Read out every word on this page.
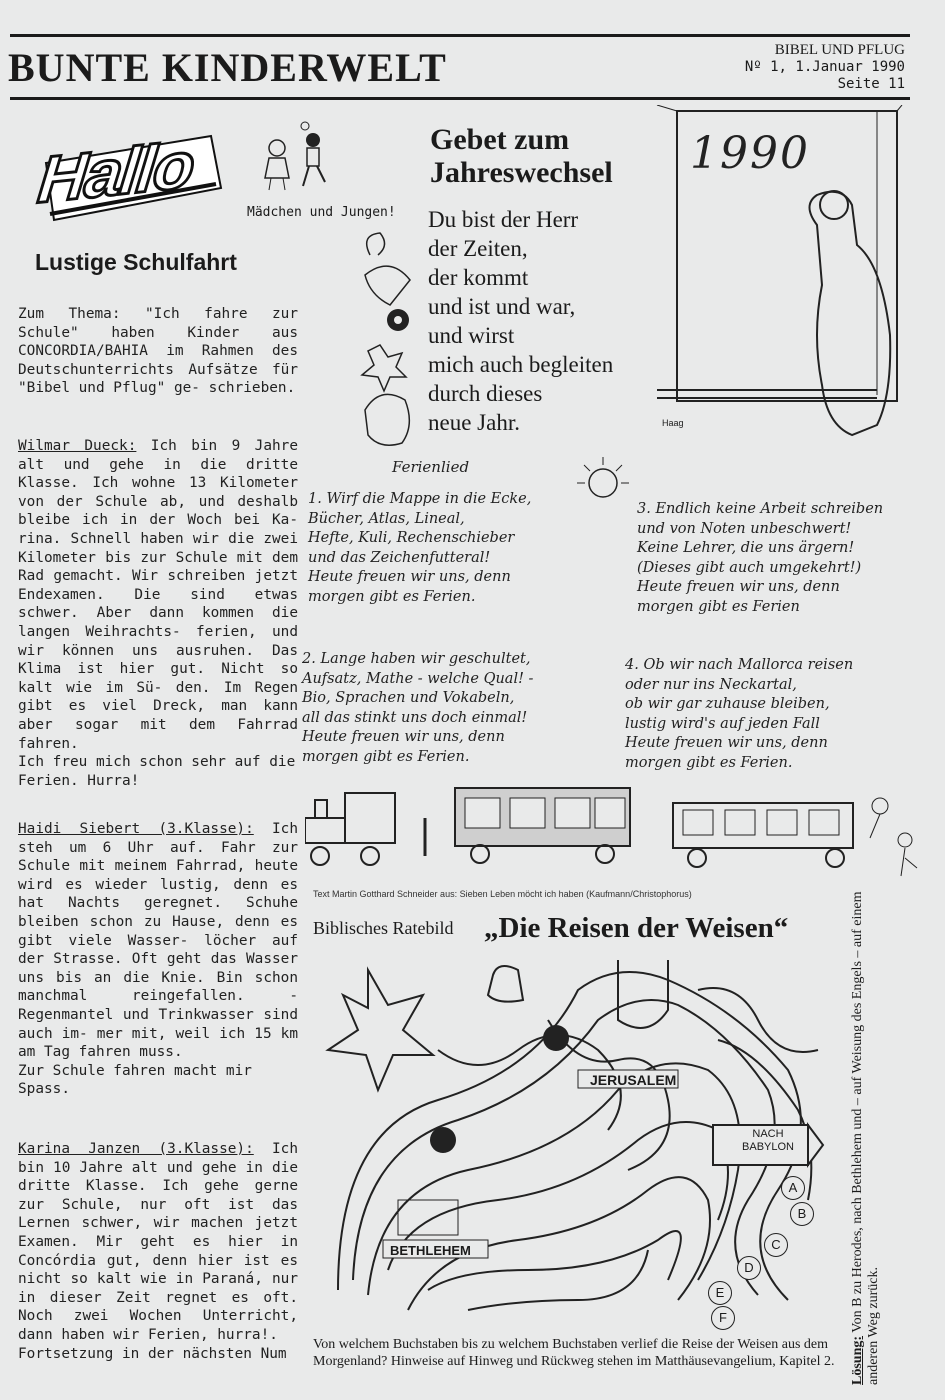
BUNTE KINDERWELT	BIBEL UND PFLUG
Nº 1, 1.Januar 1990
Seite 11
Hallo	Mädchen und Jungen!
Lustige Schulfahrt

Zum Thema: "Ich fahre zur Schule" haben Kinder aus CONCORDIA/BAHIA im Rahmen des Deutschunterrichts Aufsätze für "Bibel und Pflug" ge- schrieben.

Wilmar Dueck: Ich bin 9 Jahre alt und gehe in die dritte Klasse. Ich wohne 13 Kilometer von der Schule ab, und deshalb bleibe ich in der Woch bei Ka- rina. Schnell haben wir die zwei Kilometer bis zur Schule mit dem Rad gemacht. Wir schreiben jetzt Endexamen. Die sind etwas schwer. Aber dann kommen die langen Weihrachts- ferien, und wir können uns ausruhen. Das Klima ist hier gut. Nicht so kalt wie im Sü- den. Im Regen gibt es viel Dreck, man kann aber sogar mit dem Fahrrad fahren.

Ich freu mich schon sehr auf die Ferien. Hurra!

Haidi Siebert (3.Klasse): Ich steh um 6 Uhr auf. Fahr zur Schule mit meinem Fahrrad, heute wird es wieder lustig, denn es hat Nachts geregnet. Schuhe bleiben schon zu Hause, denn es gibt viele Wasser- löcher auf der Strasse. Oft geht das Wasser uns bis an die Knie. Bin schon manchmal reingefallen. - Regenmantel und Trinkwasser sind auch im- mer mit, weil ich 15 km am Tag fahren muss.

Zur Schule fahren macht mir Spass.

Karina Janzen (3.Klasse): Ich bin 10 Jahre alt und gehe in die dritte Klasse. Ich gehe gerne zur Schule, nur oft ist das Lernen schwer, wir machen jetzt Examen. Mir geht es hier in Concórdia gut, denn hier ist es nicht so kalt wie in Paraná, nur in dieser Zeit regnet es oft. Noch zwei Wochen Unterricht, dann haben wir Ferien, hurra!.

Fortsetzung in der nächsten Num

Gebet zum
Jahreswechsel
Du bist der Herr
der Zeiten,
der kommt
und ist und war,
und wirst
mich auch begleiten
durch dieses
neue Jahr.
1990
Haag
Ferienlied
1. Wirf die Mappe in die Ecke,
Bücher, Atlas, Lineal,
Hefte, Kuli, Rechenschieber
und das Zeichenfutteral!
Heute freuen wir uns, denn
morgen gibt es Ferien.
2. Lange haben wir geschultet,
Aufsatz, Mathe - welche Qual! -
Bio, Sprachen und Vokabeln,
all das stinkt uns doch einmal!
Heute freuen wir uns, denn
morgen gibt es Ferien.
3. Endlich keine Arbeit schreiben
und von Noten unbeschwert!
Keine Lehrer, die uns ärgern!
(Dieses gibt auch umgekehrt!)
Heute freuen wir uns, denn
morgen gibt es Ferien
4. Ob wir nach Mallorca reisen
oder nur ins Neckartal,
ob wir gar zuhause bleiben,
lustig wird's auf jeden Fall
Heute freuen wir uns, denn
morgen gibt es Ferien.
Text Martin Gotthard Schneider aus: Sieben Leben möcht ich haben (Kaufmann/Christophorus)
Biblisches Ratebild „Die Reisen der Weisen“
JERUSALEM
NACH
BABYLON
BETHLEHEM
A
B
C
D
E
F
Von welchem Buchstaben bis zu welchem Buchstaben verlief die Reise der Weisen aus dem Morgenland? Hinweise auf Hinweg und Rückweg stehen im Matthäusevangelium, Kapitel 2.	Lösung: Von B zu Herodes, nach Bethlehem und – auf Weisung des Engels – auf einem anderen Weg zurück.
